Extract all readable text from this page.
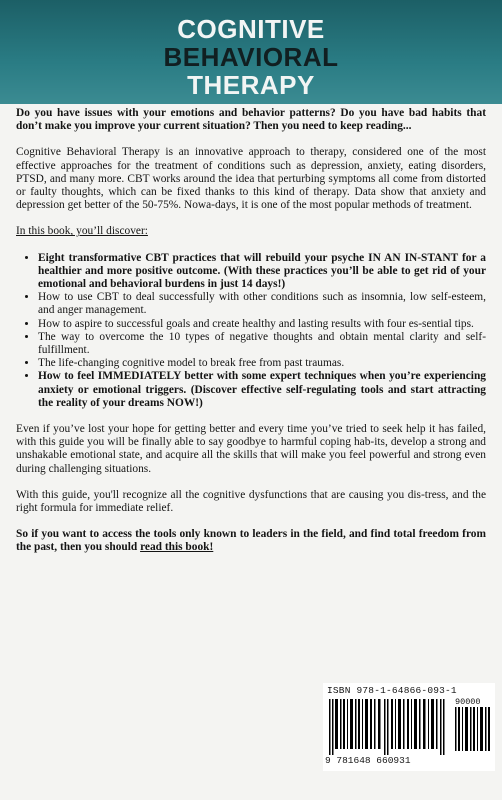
COGNITIVE
BEHAVIORAL
THERAPY

Do you have issues with your emotions and behavior patterns? Do you have bad habits that don’t make you improve your current situation? Then you need to keep reading...

Cognitive Behavioral Therapy is an innovative approach to therapy, considered one of the most effective approaches for the treatment of conditions such as depression, anxiety, eating disorders, PTSD, and many more. CBT works around the idea that perturbing symptoms all come from distorted or faulty thoughts, which can be fixed thanks to this kind of therapy. Data show that anxiety and depression get better of the 50-75%. Nowa-days, it is one of the most popular methods of treatment.

In this book, you’ll discover:

• Eight transformative CBT practices that will rebuild your psyche IN AN IN-STANT for a healthier and more positive outcome. (With these practices you’ll be able to get rid of your emotional and behavioral burdens in just 14 days!)
• How to use CBT to deal successfully with other conditions such as insomnia, low self-esteem, and anger management.
• How to aspire to successful goals and create healthy and lasting results with four es-sential tips.
• The way to overcome the 10 types of negative thoughts and obtain mental clarity and self-fulfillment.
• The life-changing cognitive model to break free from past traumas.
• How to feel IMMEDIATELY better with some expert techniques when you’re experiencing anxiety or emotional triggers. (Discover effective self-regulating tools and start attracting the reality of your dreams NOW!)

Even if you’ve lost your hope for getting better and every time you’ve tried to seek help it has failed, with this guide you will be finally able to say goodbye to harmful coping hab-its, develop a strong and unshakable emotional state, and acquire all the skills that will make you feel powerful and strong even during challenging situations.

With this guide, you'll recognize all the cognitive dysfunctions that are causing you dis-tress, and the right formula for immediate relief.

So if you want to access the tools only known to leaders in the field, and find total freedom from the past, then you should read this book!

ISBN 978-1-64866-093-1
90000
9 781648 660931
